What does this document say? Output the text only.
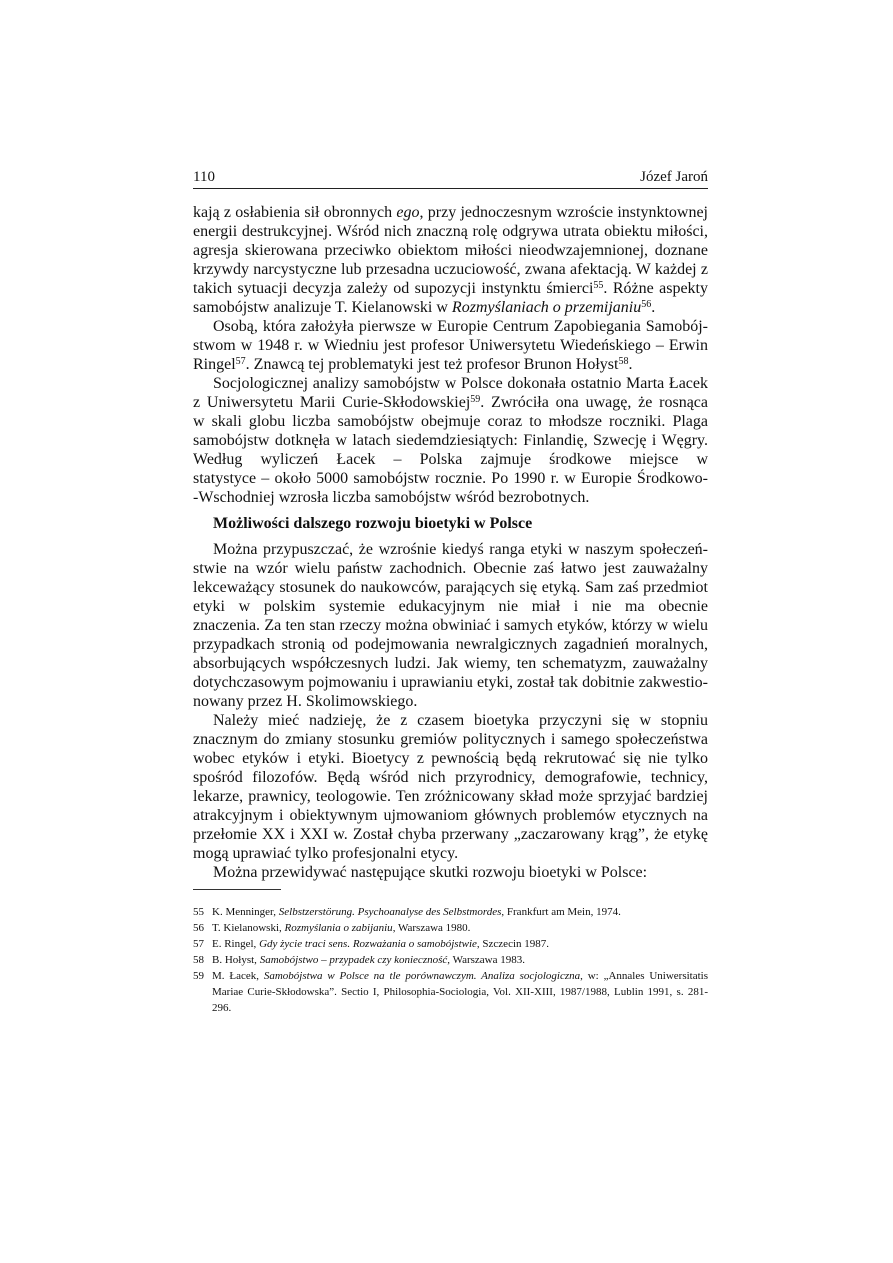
110	Józef Jaroń
kają z osłabienia sił obronnych ego, przy jednoczesnym wzroście instynktownej
energii destrukcyjnej. Wśród nich znaczną rolę odgrywa utrata obiektu miłości,
agresja skierowana przeciwko obiektom miłości nieodwzajemnionej, doznane
krzywdy narcystyczne lub przesadna uczuciowość, zwana afektacją. W każdej z
takich sytuacji decyzja zależy od supozycji instynktu śmierci$^{55}$. Różne aspekty
samobójstw analizuje T. Kielanowski w Rozmyślaniach o przemijaniu$^{56}$.
Osobą, która założyła pierwsze w Europie Centrum Zapobiegania Samobój-
stwom w 1948 r. w Wiedniu jest profesor Uniwersytetu Wiedeńskiego – Erwin
Ringel$^{57}$. Znawcą tej problematyki jest też profesor Brunon Hołyst$^{58}$.
Socjologicznej analizy samobójstw w Polsce dokonała ostatnio Marta Łacek
z Uniwersytetu Marii Curie-Skłodowskiej$^{59}$. Zwróciła ona uwagę, że rosnąca
w skali globu liczba samobójstw obejmuje coraz to młodsze roczniki. Plaga
samobójstw dotknęła w latach siedemdziesiątych: Finlandię, Szwecję i Węgry.
Według wyliczeń Łacek – Polska zajmuje środkowe miejsce w
statystyce – około 5000 samobójstw rocznie. Po 1990 r. w Europie Środkowo-
-Wschodniej wzrosła liczba samobójstw wśród bezrobotnych.
Możliwości dalszego rozwoju bioetyki w Polsce
Można przypuszczać, że wzrośnie kiedyś ranga etyki w naszym społeczeń-
stwie na wzór wielu państw zachodnich. Obecnie zaś łatwo jest zauważalny
lekceważący stosunek do naukowców, parających się etyką. Sam zaś przedmiot
etyki w polskim systemie edukacyjnym nie miał i nie ma obecnie
znaczenia. Za ten stan rzeczy można obwiniać i samych etyków, którzy w wielu
przypadkach stronią od podejmowania newralgicznych zagadnień moralnych,
absorbujących współczesnych ludzi. Jak wiemy, ten schematyzm, zauważalny
dotychczasowym pojmowaniu i uprawianiu etyki, został tak dobitnie zakwestio-
nowany przez H. Skolimowskiego.
Należy mieć nadzieję, że z czasem bioetyka przyczyni się w stopniu
znacznym do zmiany stosunku gremiów politycznych i samego społeczeństwa
wobec etyków i etyki. Bioetycy z pewnością będą rekrutować się nie tylko
spośród filozofów. Będą wśród nich przyrodnicy, demografowie, technicy,
lekarze, prawnicy, teologowie. Ten zróżnicowany skład może sprzyjać bardziej
atrakcyjnym i obiektywnym ujmowaniom głównych problemów etycznych na
przełomie XX i XXI w. Został chyba przerwany „zaczarowany krąg”, że etykę
mogą uprawiać tylko profesjonalni etycy.
Można przewidywać następujące skutki rozwoju bioetyki w Polsce:
55 K. Menninger, Selbstzerstörung. Psychoanalyse des Selbstmordes, Frankfurt am Mein, 1974.
56 T. Kielanowski, Rozmyślania o zabijaniu, Warszawa 1980.
57 E. Ringel, Gdy życie traci sens. Rozważania o samobójstwie, Szczecin 1987.
58 B. Hołyst, Samobójstwo – przypadek czy konieczność, Warszawa 1983.
59 M. Łacek, Samobójstwa w Polsce na tle porównawczym. Analiza socjologiczna, w: „Annales Uniwersitatis Mariae Curie-Skłodowska”. Sectio I, Philosophia-Sociologia, Vol. XII-XIII, 1987/1988, Lublin 1991, s. 281-296.
